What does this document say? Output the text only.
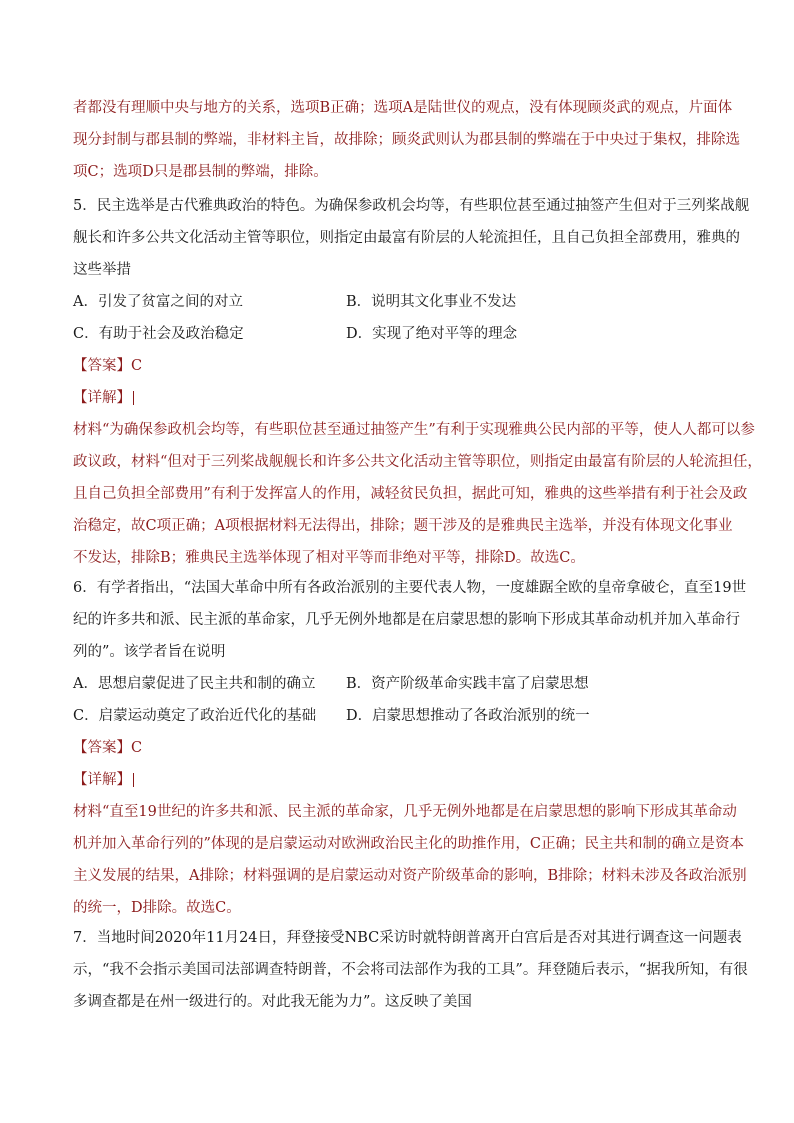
者都没有理顺中央与地方的关系，选项B正确；选项A是陆世仪的观点，没有体现顾炎武的观点，片面体
现分封制与郡县制的弊端，非材料主旨，故排除；顾炎武则认为郡县制的弊端在于中央过于集权，排除选
项C；选项D只是郡县制的弊端，排除。
5．民主选举是古代雅典政治的特色。为确保参政机会均等，有些职位甚至通过抽签产生但对于三列桨战舰
舰长和许多公共文化活动主管等职位，则指定由最富有阶层的人轮流担任，且自己负担全部费用，雅典的
这些举措
A．引发了贫富之间的对立	B．说明其文化事业不发达
C．有助于社会及政治稳定	D．实现了绝对平等的理念
【答案】C
【详解】
材料“为确保参政机会均等，有些职位甚至通过抽签产生”有利于实现雅典公民内部的平等，使人人都可以参
政议政，材料“但对于三列桨战舰舰长和许多公共文化活动主管等职位，则指定由最富有阶层的人轮流担任，
且自己负担全部费用”有利于发挥富人的作用，减轻贫民负担，据此可知，雅典的这些举措有利于社会及政
治稳定，故C项正确；A项根据材料无法得出，排除；题干涉及的是雅典民主选举，并没有体现文化事业
不发达，排除B；雅典民主选举体现了相对平等而非绝对平等，排除D。故选C。
6．有学者指出，“法国大革命中所有各政治派别的主要代表人物，一度雄踞全欧的皇帝拿破仑，直至19世
纪的许多共和派、民主派的革命家，几乎无例外地都是在启蒙思想的影响下形成其革命动机并加入革命行
列的”。该学者旨在说明
A．思想启蒙促进了民主共和制的确立 B．资产阶级革命实践丰富了启蒙思想
C．启蒙运动奠定了政治近代化的基础 D．启蒙思想推动了各政治派别的统一
【答案】C
【详解】
材料“直至19世纪的许多共和派、民主派的革命家，几乎无例外地都是在启蒙思想的影响下形成其革命动
机并加入革命行列的”体现的是启蒙运动对欧洲政治民主化的助推作用，C正确；民主共和制的确立是资本
主义发展的结果，A排除；材料强调的是启蒙运动对资产阶级革命的影响，B排除；材料未涉及各政治派别
的统一，D排除。故选C。
7．当地时间2020年11月24日，拜登接受NBC采访时就特朗普离开白宫后是否对其进行调查这一问题表
示，“我不会指示美国司法部调查特朗普，不会将司法部作为我的工具”。拜登随后表示，“据我所知，有很
多调查都是在州一级进行的。对此我无能为力”。这反映了美国
